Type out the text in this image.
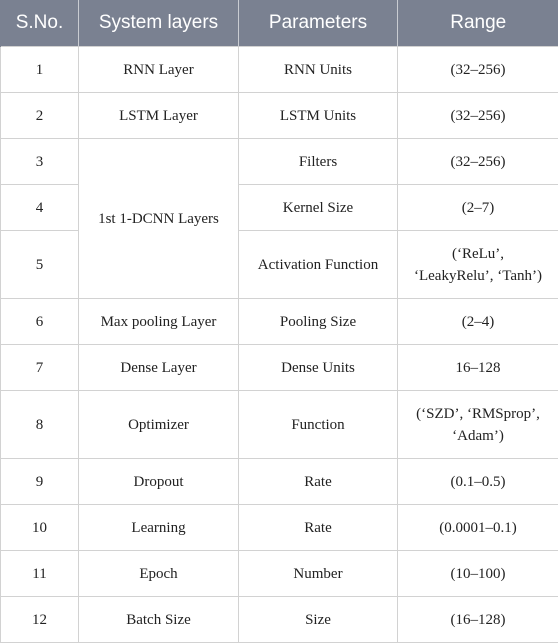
S.No.	System layers	Parameters	Range
1	RNN Layer	RNN Units	(32–256)
2	LSTM Layer	LSTM Units	(32–256)
3	1st 1-DCNN Layers	Filters	(32–256)
4		Kernel Size	(2–7)
5		Activation Function	(‘ReLu’, ‘LeakyRelu’, ‘Tanh’)
6	Max pooling Layer	Pooling Size	(2–4)
7	Dense Layer	Dense Units	16–128
8	Optimizer	Function	(‘SZD’, ‘RMSprop’, ‘Adam’)
9	Dropout	Rate	(0.1–0.5)
10	Learning	Rate	(0.0001–0.1)
11	Epoch	Number	(10–100)
12	Batch Size	Size	(16–128)
